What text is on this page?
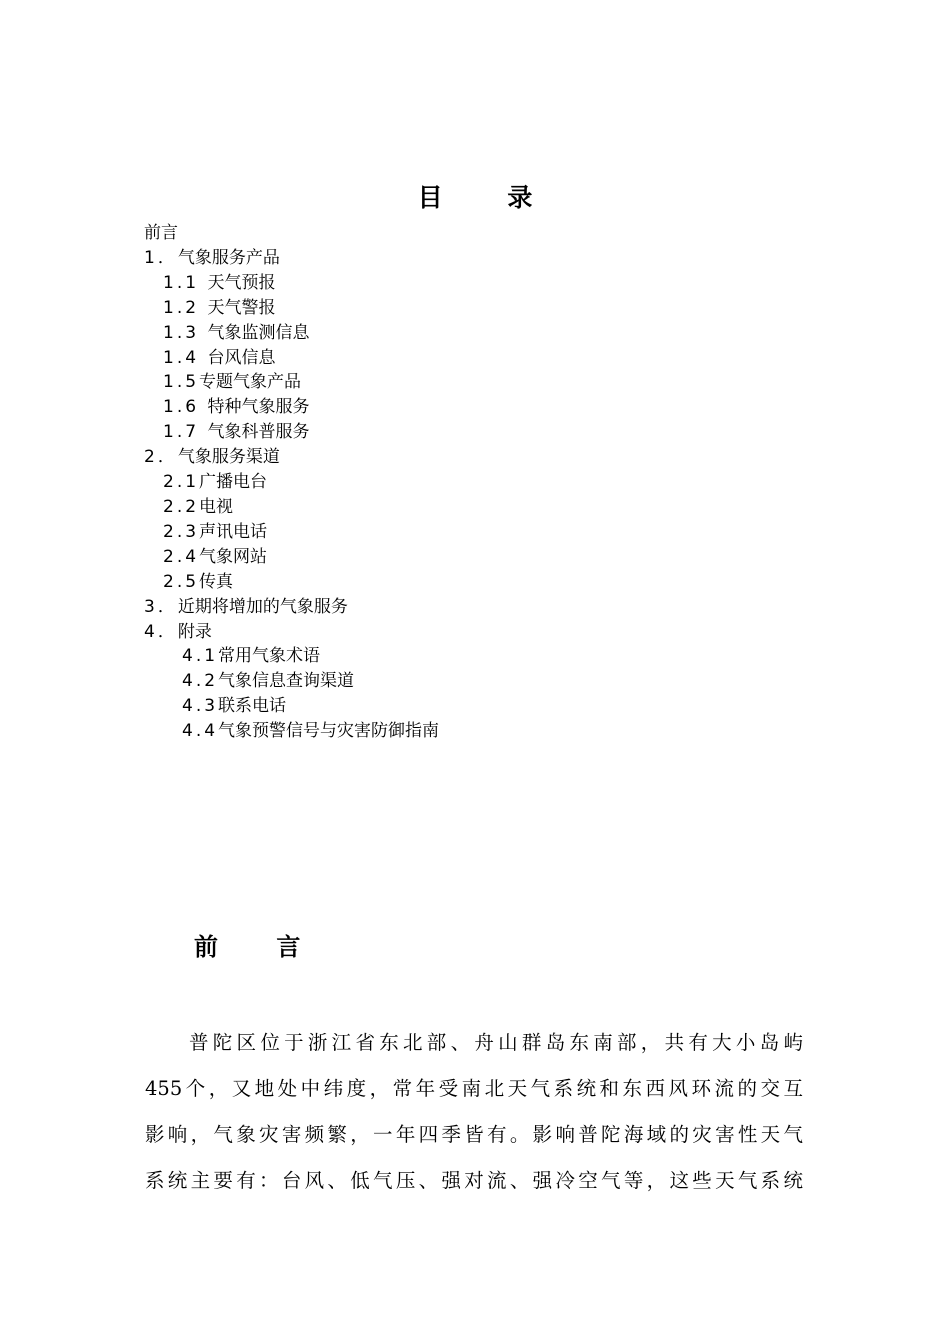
目 录
前言
1．气象服务产品
1.1 天气预报
1.2 天气警报
1.3 气象监测信息
1.4 台风信息
1.5专题气象产品
1.6 特种气象服务
1.7 气象科普服务
2．气象服务渠道
2.1广播电台
2.2电视
2.3声讯电话
2.4气象网站
2.5传真
3．近期将增加的气象服务
4．附录
4.1常用气象术语
4.2气象信息查询渠道
4.3联系电话
4.4气象预警信号与灾害防御指南
前 言
普陀区位于浙江省东北部、舟山群岛东南部，共有大小岛屿
455个，又地处中纬度，常年受南北天气系统和东西风环流的交互
影响，气象灾害频繁，一年四季皆有。影响普陀海域的灾害性天气
系统主要有：台风、低气压、强对流、强冷空气等，这些天气系统
